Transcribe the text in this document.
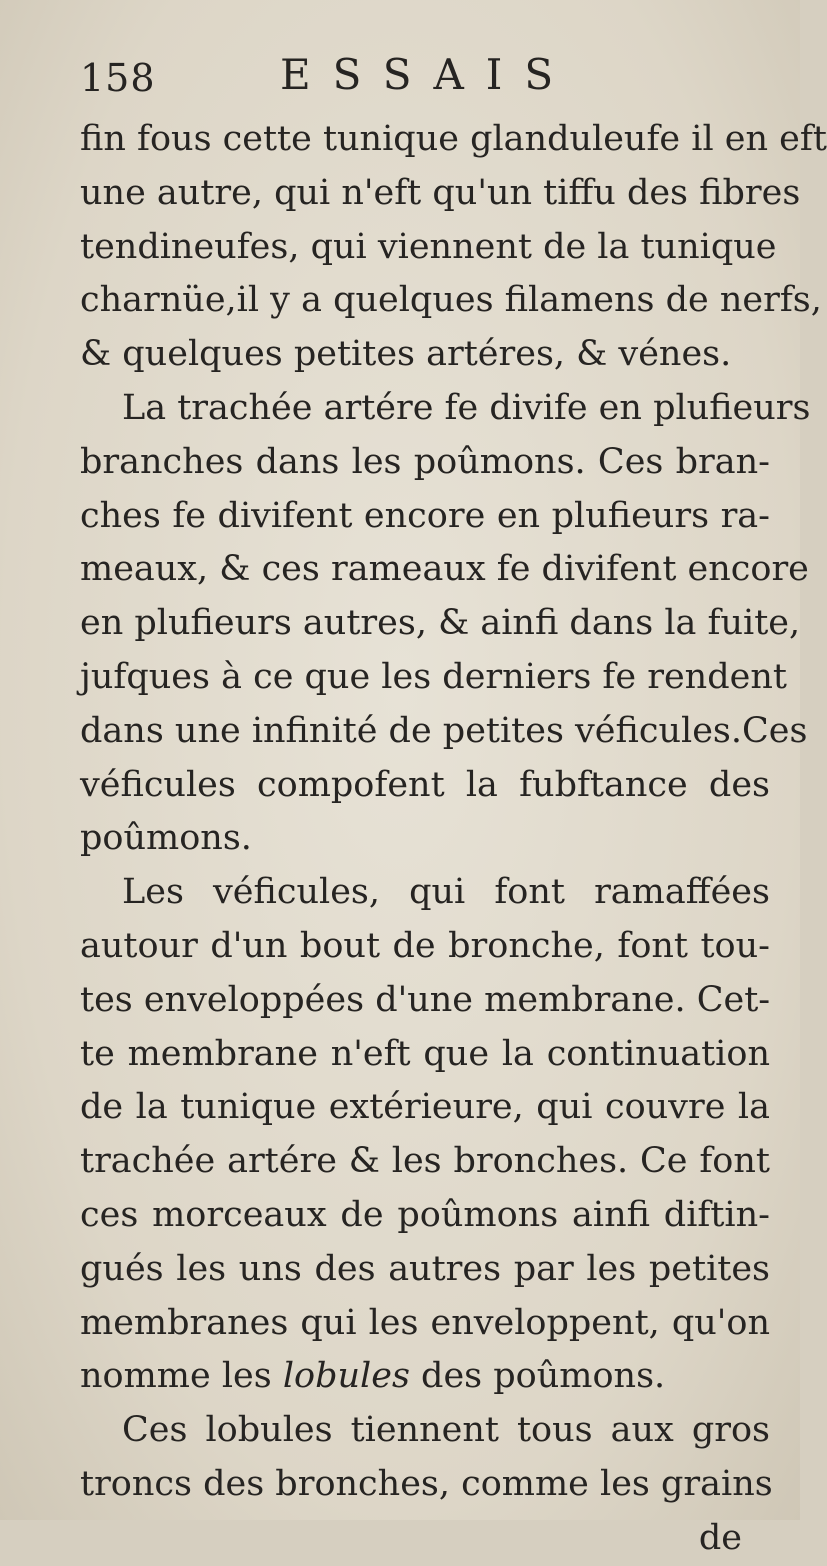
158	ESSAIS
fin fous cette tunique glanduleufe il en eft
une autre, qui n'eft qu'un tiffu des fibres
tendineufes, qui viennent de la tunique
charnüe,il y a quelques filamens de nerfs,
& quelques petites artéres, & vénes.
La trachée artére fe divife en plufieurs
branches dans les poûmons. Ces bran-
ches fe divifent encore en plufieurs ra-
meaux, & ces rameaux fe divifent encore
en plufieurs autres, & ainfi dans la fuite,
jufques à ce que les derniers fe rendent
dans une infinité de petites véficules.Ces
véficules compofent la fubftance des
poûmons.
Les véficules, qui font ramaffées
autour d'un bout de bronche, font tou-
tes enveloppées d'une membrane. Cet-
te membrane n'eft que la continuation
de la tunique extérieure, qui couvre la
trachée artére & les bronches. Ce font
ces morceaux de poûmons ainfi diftin-
gués les uns des autres par les petites
membranes qui les enveloppent, qu'on
nomme les lobules des poûmons.
Ces lobules tiennent tous aux gros
troncs des bronches, comme les grains
de
